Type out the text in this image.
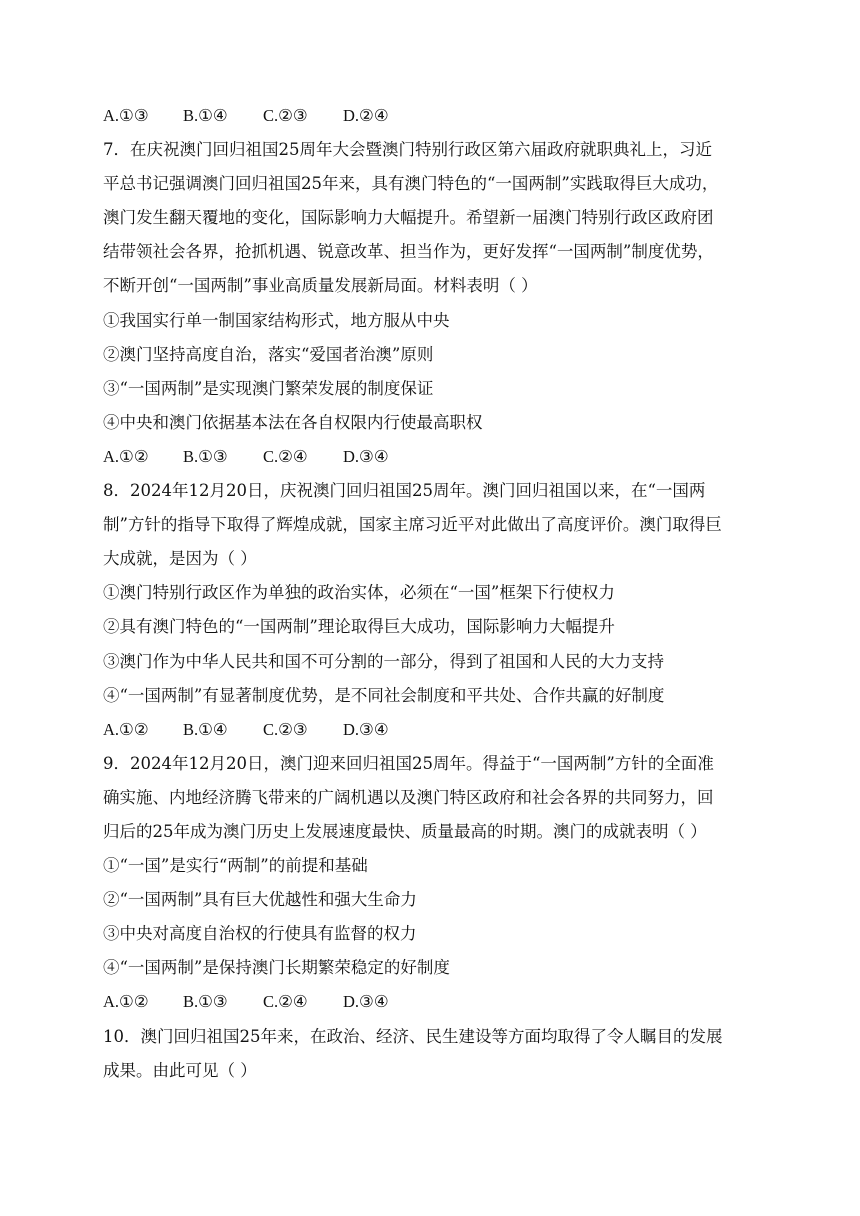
A.①③	B.①④	C.②③	D.②④
7．在庆祝澳门回归祖国25周年大会暨澳门特别行政区第六届政府就职典礼上，习近
平总书记强调澳门回归祖国25年来，具有澳门特色的“一国两制”实践取得巨大成功，
澳门发生翻天覆地的变化，国际影响力大幅提升。希望新一届澳门特别行政区政府团
结带领社会各界，抢抓机遇、锐意改革、担当作为，更好发挥“一国两制”制度优势，
不断开创“一国两制”事业高质量发展新局面。材料表明（ ）
①我国实行单一制国家结构形式，地方服从中央
②澳门坚持高度自治，落实“爱国者治澳”原则
③“一国两制”是实现澳门繁荣发展的制度保证
④中央和澳门依据基本法在各自权限内行使最高职权
A.①②	B.①③	C.②④	D.③④
8．2024年12月20日，庆祝澳门回归祖国25周年。澳门回归祖国以来，在“一国两
制”方针的指导下取得了辉煌成就，国家主席习近平对此做出了高度评价。澳门取得巨
大成就，是因为（ ）
①澳门特别行政区作为单独的政治实体，必须在“一国”框架下行使权力
②具有澳门特色的“一国两制”理论取得巨大成功，国际影响力大幅提升
③澳门作为中华人民共和国不可分割的一部分，得到了祖国和人民的大力支持
④“一国两制”有显著制度优势，是不同社会制度和平共处、合作共赢的好制度
A.①②	B.①④	C.②③	D.③④
9．2024年12月20日，澳门迎来回归祖国25周年。得益于“一国两制”方针的全面准
确实施、内地经济腾飞带来的广阔机遇以及澳门特区政府和社会各界的共同努力，回
归后的25年成为澳门历史上发展速度最快、质量最高的时期。澳门的成就表明（ ）
①“一国”是实行“两制”的前提和基础
②“一国两制”具有巨大优越性和强大生命力
③中央对高度自治权的行使具有监督的权力
④“一国两制”是保持澳门长期繁荣稳定的好制度
A.①②	B.①③	C.②④	D.③④
10．澳门回归祖国25年来，在政治、经济、民生建设等方面均取得了令人瞩目的发展
成果。由此可见（ ）
